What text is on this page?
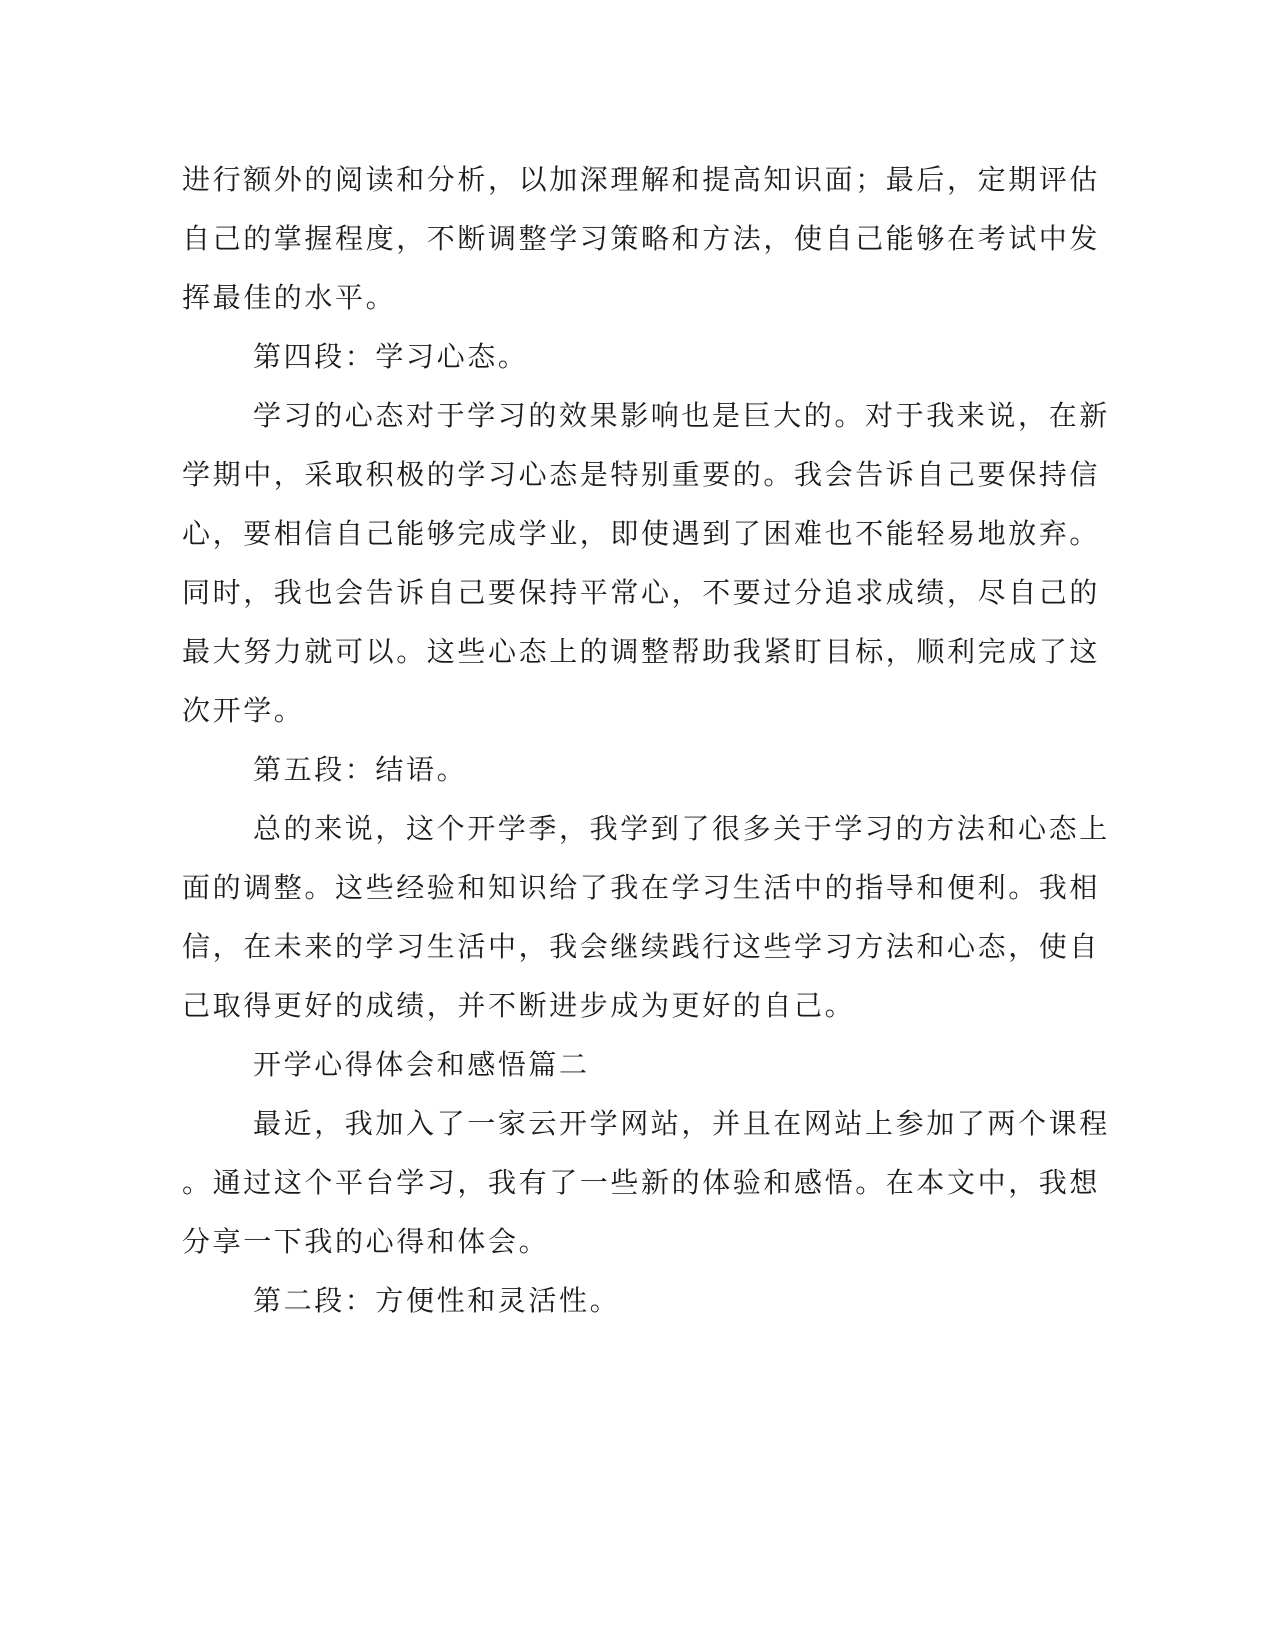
进行额外的阅读和分析，以加深理解和提高知识面；最后，定期评估
自己的掌握程度，不断调整学习策略和方法，使自己能够在考试中发
挥最佳的水平。
第四段：学习心态。
学习的心态对于学习的效果影响也是巨大的。对于我来说，在新
学期中，采取积极的学习心态是特别重要的。我会告诉自己要保持信
心，要相信自己能够完成学业，即使遇到了困难也不能轻易地放弃。
同时，我也会告诉自己要保持平常心，不要过分追求成绩，尽自己的
最大努力就可以。这些心态上的调整帮助我紧盯目标，顺利完成了这
次开学。
第五段：结语。
总的来说，这个开学季，我学到了很多关于学习的方法和心态上
面的调整。这些经验和知识给了我在学习生活中的指导和便利。我相
信，在未来的学习生活中，我会继续践行这些学习方法和心态，使自
己取得更好的成绩，并不断进步成为更好的自己。
开学心得体会和感悟篇二
最近，我加入了一家云开学网站，并且在网站上参加了两个课程
。通过这个平台学习，我有了一些新的体验和感悟。在本文中，我想
分享一下我的心得和体会。
第二段：方便性和灵活性。
